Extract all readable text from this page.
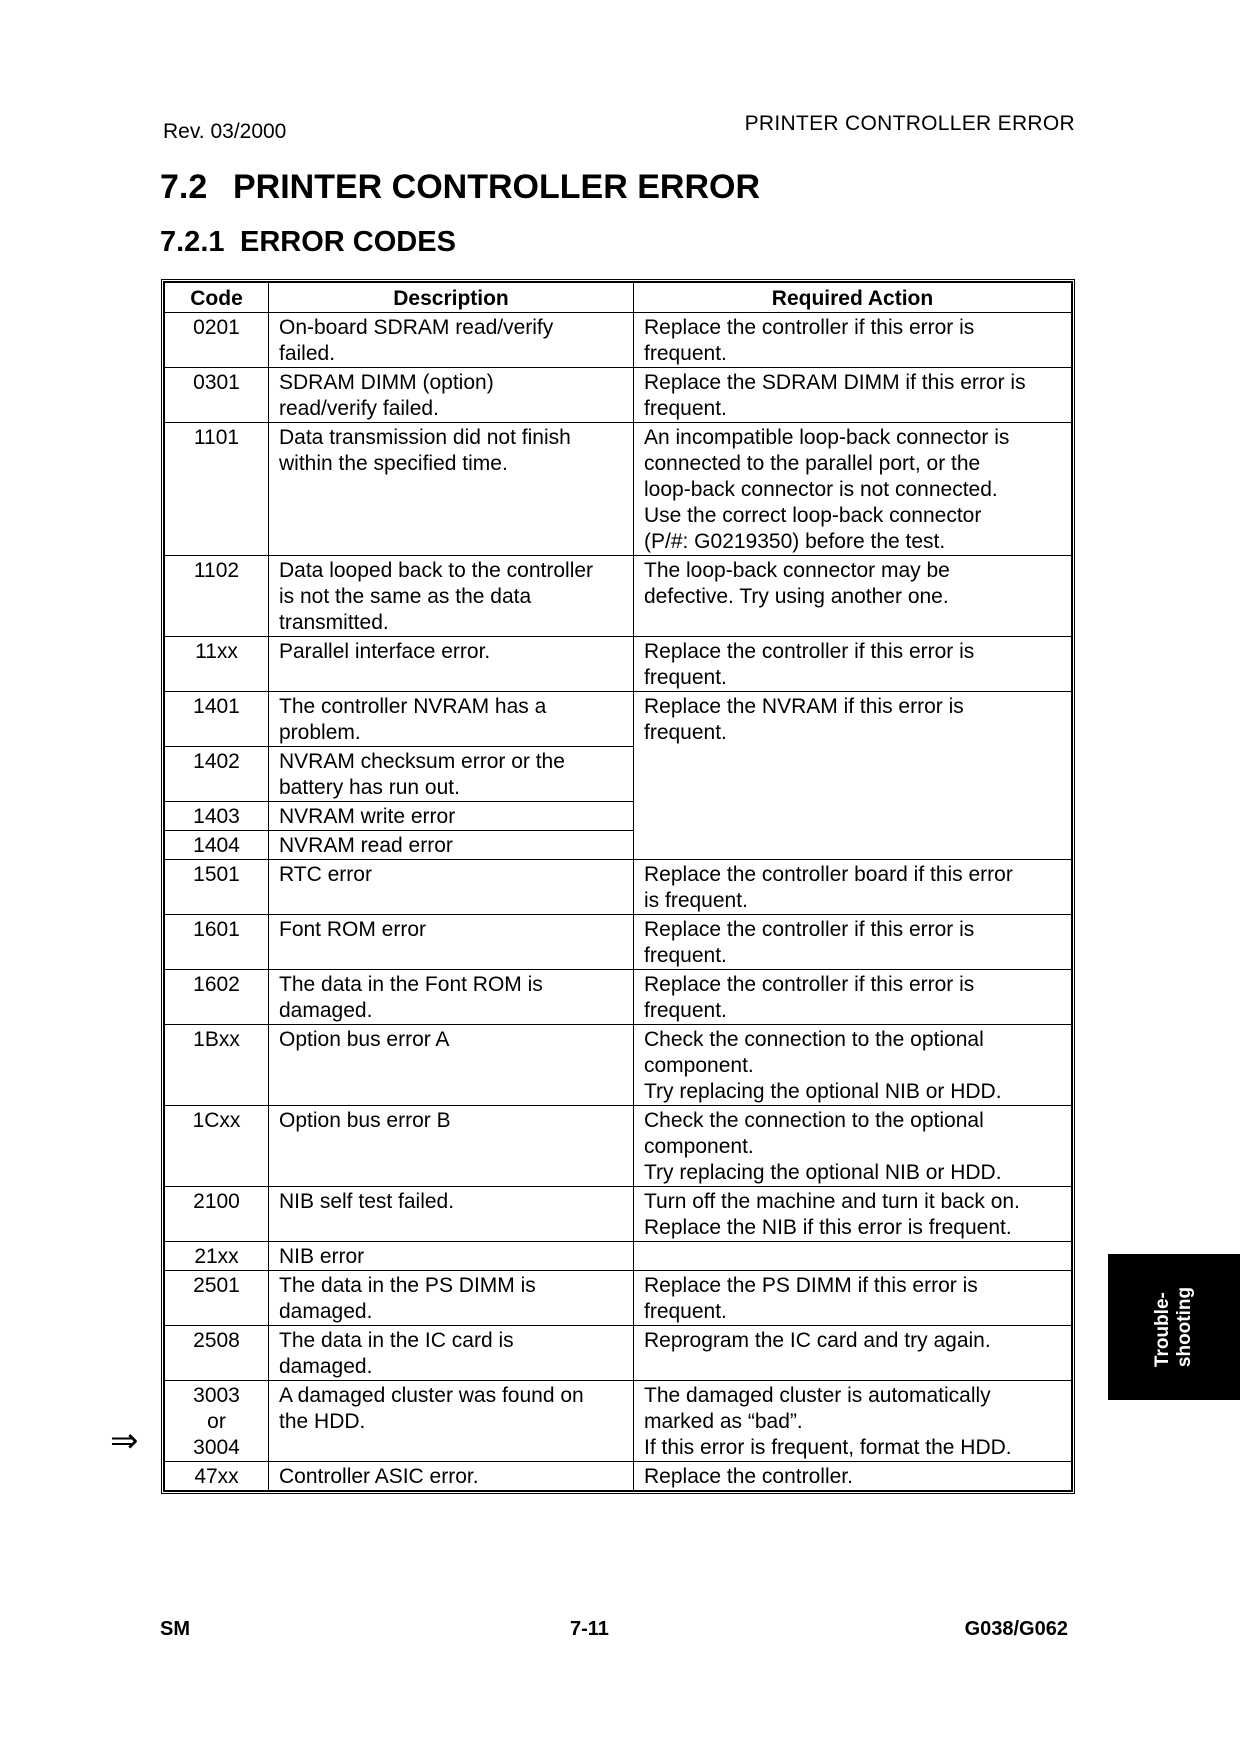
Rev. 03/2000	PRINTER CONTROLLER ERROR
7.2 PRINTER CONTROLLER ERROR
7.2.1 ERROR CODES
Code	Description	Required Action

0201	On-board SDRAM read/verify
failed.	Replace the controller if this error is
frequent.

0301	SDRAM DIMM (option)
read/verify failed.	Replace the SDRAM DIMM if this error is
frequent.

1101	Data transmission did not finish
within the specified time.	An incompatible loop-back connector is
connected to the parallel port, or the
loop-back connector is not connected.
Use the correct loop-back connector
(P/#: G0219350) before the test.

1102	Data looped back to the controller
is not the same as the data
transmitted.	The loop-back connector may be
defective. Try using another one.

11xx	Parallel interface error.	Replace the controller if this error is
frequent.

1401	The controller NVRAM has a
problem.	Replace the NVRAM if this error is
frequent.

1402	NVRAM checksum error or the
battery has run out.	

1403	NVRAM write error	

1404	NVRAM read error	

1501	RTC error	Replace the controller board if this error
is frequent.

1601	Font ROM error	Replace the controller if this error is
frequent.

1602	The data in the Font ROM is
damaged.	Replace the controller if this error is
frequent.

1Bxx	Option bus error A	Check the connection to the optional
component.
Try replacing the optional NIB or HDD.

1Cxx	Option bus error B	Check the connection to the optional
component.
Try replacing the optional NIB or HDD.

2100	NIB self test failed.	Turn off the machine and turn it back on.
Replace the NIB if this error is frequent.

21xx	NIB error	

2501	The data in the PS DIMM is
damaged.	Replace the PS DIMM if this error is
frequent.

2508	The data in the IC card is
damaged.	Reprogram the IC card and try again.

3003
or
3004	A damaged cluster was found on
the HDD.	The damaged cluster is automatically
marked as “bad”.
If this error is frequent, format the HDD.

47xx	Controller ASIC error.	Replace the controller.
⇒
Trouble- shooting
SM	7-11	G038/G062
